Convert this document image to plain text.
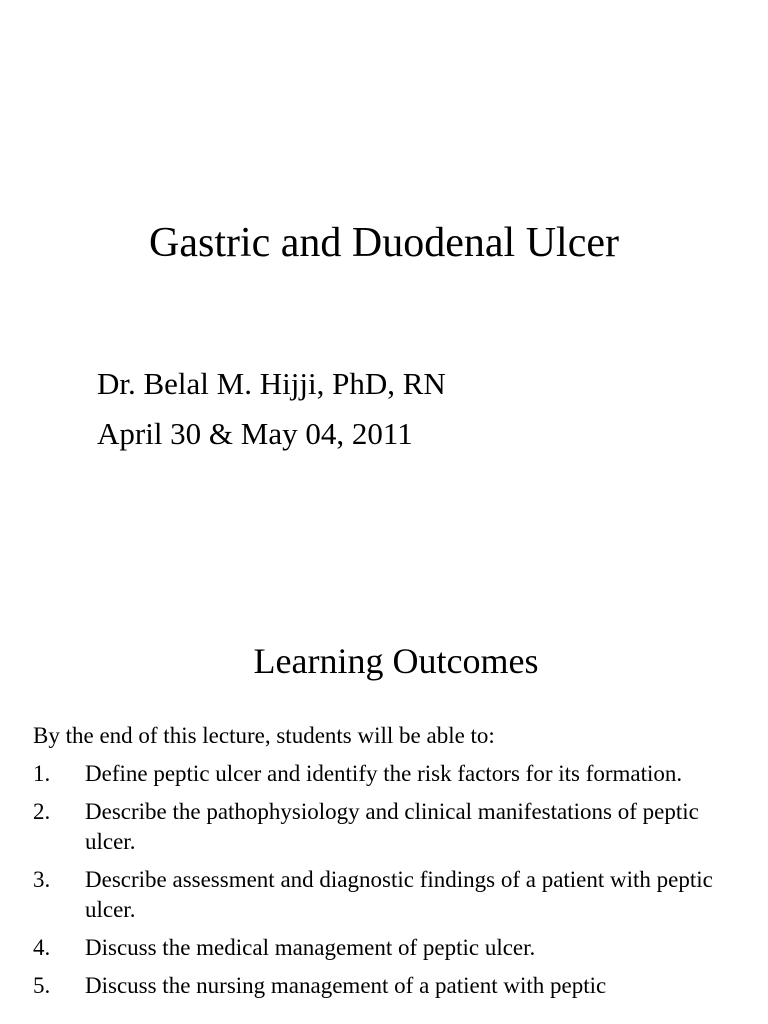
Gastric and Duodenal Ulcer
Dr. Belal M. Hijji, PhD, RN
April 30 & May 04, 2011
Learning Outcomes
By the end of this lecture, students will be able to:
1.	Define peptic ulcer and identify the risk factors for its formation.
2.	Describe the pathophysiology and clinical manifestations of peptic ulcer.
3.	Describe assessment and diagnostic findings of a patient with peptic ulcer.
4.	Discuss the medical management of peptic ulcer.
5.	Discuss the nursing management of a patient with peptic
